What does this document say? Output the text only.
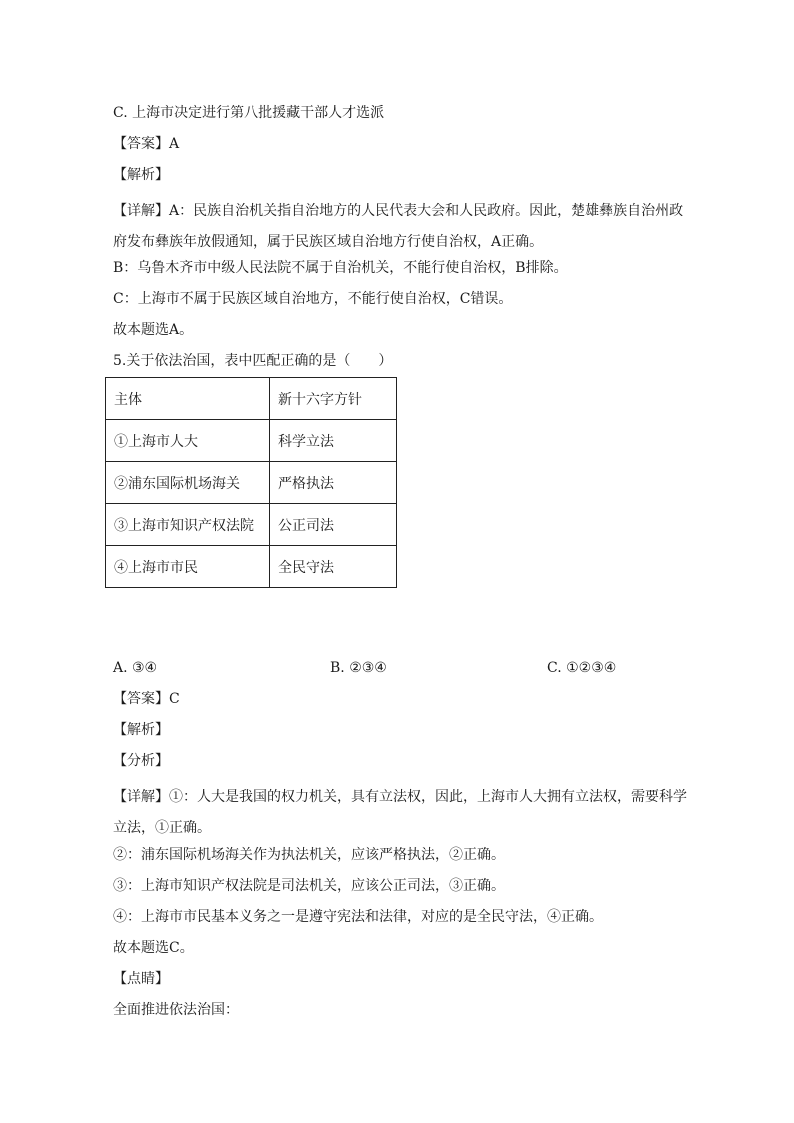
C. 上海市决定进行第八批援藏干部人才选派
【答案】A
【解析】
【详解】A：民族自治机关指自治地方的人民代表大会和人民政府。因此，楚雄彝族自治州政府发布彝族年放假通知，属于民族区域自治地方行使自治权，A正确。
B：乌鲁木齐市中级人民法院不属于自治机关，不能行使自治权，B排除。
C：上海市不属于民族区域自治地方，不能行使自治权，C错误。
故本题选A。
5.关于依法治国，表中匹配正确的是（　　）
主体	新十六字方针
①上海市人大	科学立法
②浦东国际机场海关	严格执法
③上海市知识产权法院	公正司法
④上海市市民	全民守法
A. ③④	B. ②③④	C. ①②③④
【答案】C
【解析】
【分析】
【详解】①：人大是我国的权力机关，具有立法权，因此，上海市人大拥有立法权，需要科学立法，①正确。
②：浦东国际机场海关作为执法机关，应该严格执法，②正确。
③：上海市知识产权法院是司法机关，应该公正司法，③正确。
④：上海市市民基本义务之一是遵守宪法和法律，对应的是全民守法，④正确。
故本题选C。
【点睛】
全面推进依法治国：
